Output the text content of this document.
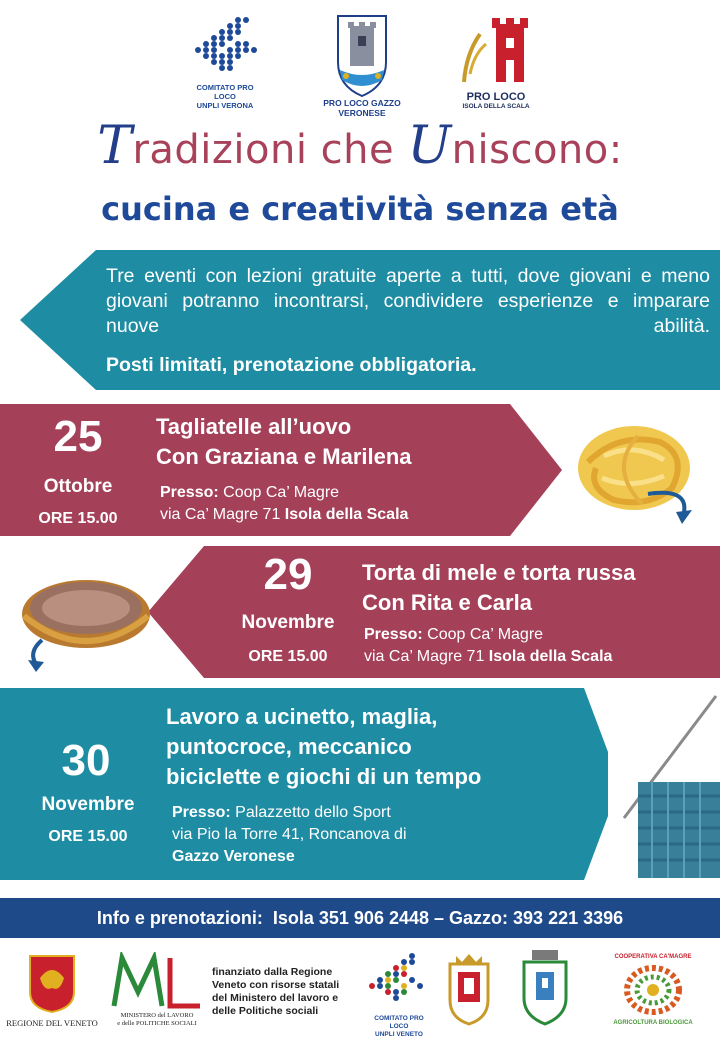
COMITATO PRO LOCO
UNPLI VERONA	PRO LOCO GAZZO VERONESE
PRO LOCO
ISOLA DELLA SCALA
Tradizioni che Uniscono:
cucina e creatività senza età
Tre eventi con lezioni gratuite aperte a tutti, dove giovani e meno giovani potranno incontrarsi, condividere esperienze e imparare nuove abilità.
Posti limitati, prenotazione obbligatoria.
25
Ottobre
ORE 15.00
Tagliatelle all’uovo
Con Graziana e Marilena
Presso: Coop Ca’ Magre
via Ca’ Magre 71 Isola della Scala
29
Novembre
ORE 15.00
Torta di mele e torta russa
Con Rita e Carla
Presso: Coop Ca’ Magre
via Ca’ Magre 71 Isola della Scala
30
Novembre
ORE 15.00
Lavoro a ucinetto, maglia,
puntocroce, meccanico
biciclette e giochi di un tempo
Presso: Palazzetto dello Sport
via Pio la Torre 41, Roncanova di
Gazzo Veronese
Info e prenotazioni: Isola 351 906 2448 – Gazzo: 393 221 3396
REGIONE DEL VENETO
MINISTERO del LAVORO
e delle POLITICHE SOCIALI
finanziato dalla Regione Veneto con risorse statali del Ministero del lavoro e delle Politiche sociali
COMITATO PRO LOCO
UNPLI VENETO
COOPERATIVA CA'MAGRE
AGRICOLTURA BIOLOGICA
